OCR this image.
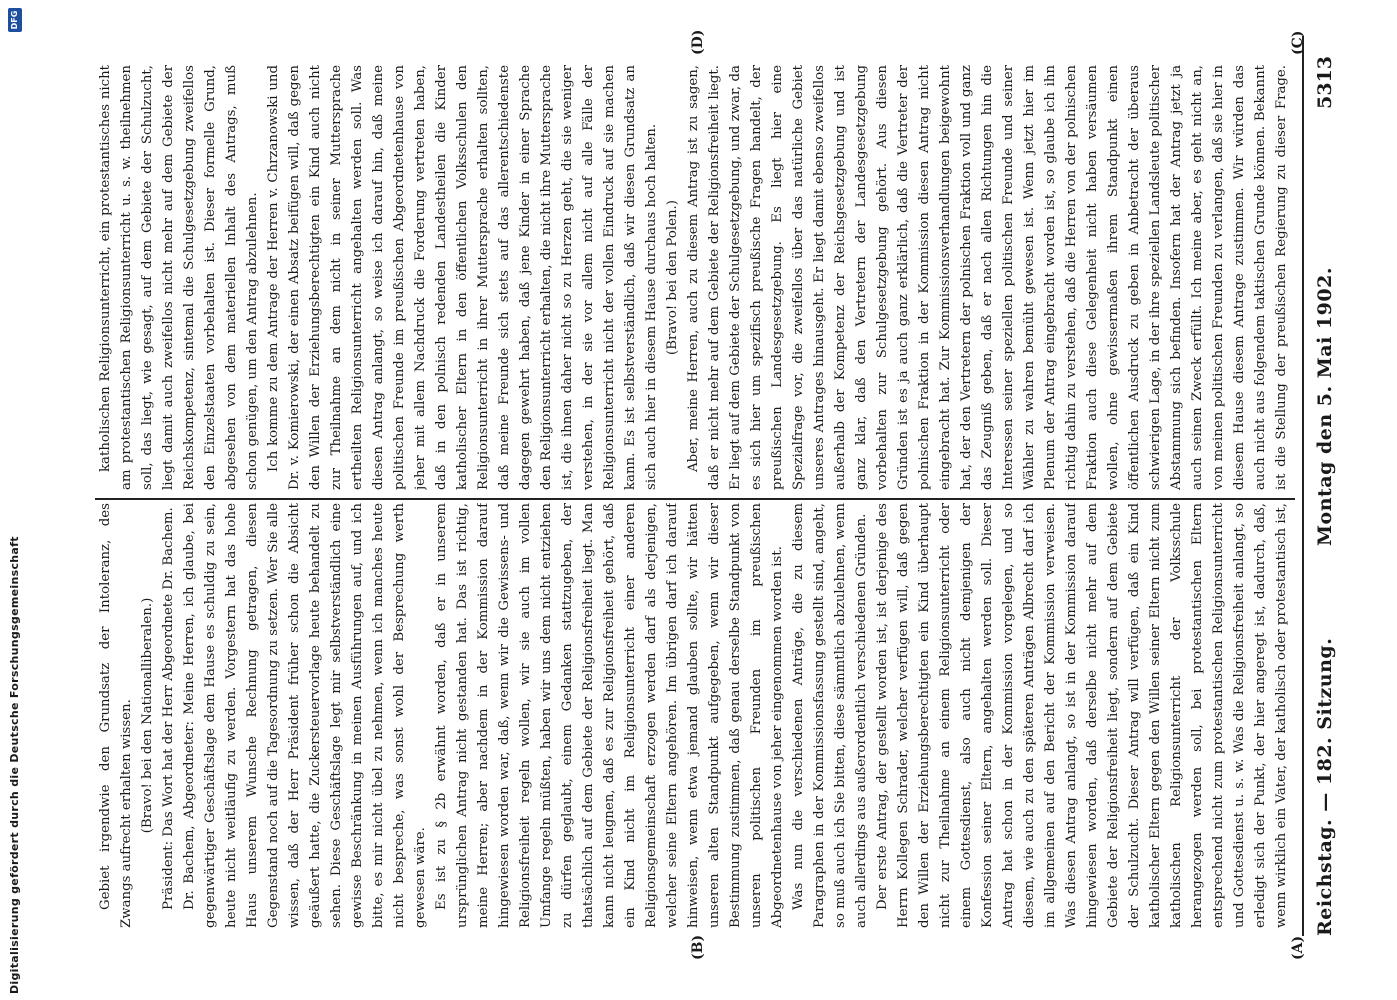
Reichstag. — 182. Sitzung.
Montag den 5. Mai 1902.
5313
(A)
(B)
(C)
(D)

Gebiet irgendwie den Grundsatz der Intoleranz, des Zwangs aufrecht erhalten wissen. (Bravo! bei den Nationalliberalen.) Präsident: Das Wort hat der Herr Abgeordnete Dr. Bachem. Dr. Bachem, Abgeordneter: Meine Herren, ich glaube, bei gegenwärtiger Geschäftslage dem Hause es schuldig zu sein, heute nicht weitläufig zu werden. Vorgestern hat das hohe Haus unserem Wunsche Rechnung getragen, diesen Gegenstand noch auf die Tagesordnung zu setzen. Wer Sie alle wissen, daß der Herr Präsident früher schon die Absicht geäußert hatte, die Zuckersteuervorlage heute behandelt zu sehen. Diese Geschäftslage legt mir selbstverständlich eine gewisse Beschränkung in meinen Ausführungen auf, und ich bitte, es mir nicht übel zu nehmen, wenn ich manches heute nicht bespreche, was sonst wohl der Besprechung werth gewesen wäre. Es ist zu § 2b erwähnt worden, daß er in unserem ursprünglichen Antrag nicht gestanden hat. Das ist richtig, meine Herren; aber nachdem in der Kommission darauf hingewiesen worden war, daß, wenn wir die Gewissens- und Religionsfreiheit regeln wollen, wir sie auch im vollen Umfange regeln müßten, haben wir uns dem nicht entziehen zu dürfen geglaubt, einem Gedanken stattzugeben, der thatsächlich auf dem Gebiete der Religionsfreiheit liegt. Man kann nicht leugnen, daß es zur Religionsfreiheit gehört, daß ein Kind nicht im Religionsunterricht einer anderen Religionsgemeinschaft erzogen werden darf als derjenigen, welcher seine Eltern angehören. Im übrigen darf ich darauf hinweisen, wenn etwa jemand glauben sollte, wir hätten unseren alten Standpunkt aufgegeben, wenn wir dieser Bestimmung zustimmen, daß genau derselbe Standpunkt von unseren politischen Freunden im preußischen Abgeordnetenhause von jeher eingenommen worden ist. Was nun die verschiedenen Anträge, die zu diesem Paragraphen in der Kommissionsfassung gestellt sind, angeht, so muß auch ich Sie bitten, diese sämmtlich abzulehnen, wenn auch allerdings aus außerordentlich verschiedenen Gründen. Der erste Antrag, der gestellt worden ist, ist derjenige des Herrn Kollegen Schrader, welcher verfügen will, daß gegen den Willen der Erziehungsberechtigten ein Kind überhaupt nicht zur Theilnahme an einem Religionsunterricht oder einem Gottesdienst, also auch nicht demjenigen der Konfession seiner Eltern, angehalten werden soll. Dieser Antrag hat schon in der Kommission vorgelegen, und so diesem, wie auch zu den späteren Anträgen Albrecht darf ich im allgemeinen auf den Bericht der Kommission verweisen. Was diesen Antrag anlangt, so ist in der Kommission darauf hingewiesen worden, daß derselbe nicht mehr auf dem Gebiete der Religionsfreiheit liegt, sondern auf dem Gebiete der Schulzucht. Dieser Antrag will verfügen, daß ein Kind katholischer Eltern gegen den Willen seiner Eltern nicht zum katholischen Religionsunterricht der Volksschule herangezogen werden soll, bei protestantischen Eltern entsprechend nicht zum protestantischen Religionsunterricht und Gottesdienst u. s. w. Was die Religionsfreiheit anlangt, so erledigt sich der Punkt, der hier angeregt ist, dadurch, daß, wenn wirklich ein Vater, der katholisch oder protestantisch ist,

katholischen Religionsunterricht, ein protestantisches nicht am protestantischen Religionsunterricht u. s. w. theilnehmen soll, das liegt, wie gesagt, auf dem Gebiete der Schulzucht, liegt damit auch zweifellos nicht mehr auf dem Gebiete der Reichskompetenz, sintemal die Schulgesetzgebung zweifellos den Einzelstaaten vorbehalten ist. Dieser formelle Grund, abgesehen von dem materiellen Inhalt des Antrags, muß schon genügen, um den Antrag abzulehnen. Ich komme zu dem Antrage der Herren v. Chrzanowski und Dr. v. Komierowski, der einen Absatz beifügen will, daß gegen den Willen der Erziehungsberechtigten ein Kind auch nicht zur Theilnahme an dem nicht in seiner Muttersprache ertheilten Religionsunterricht angehalten werden soll. Was diesen Antrag anlangt, so weise ich darauf hin, daß meine politischen Freunde im preußischen Abgeordnetenhause von jeher mit allem Nachdruck die Forderung vertreten haben, daß in den polnisch redenden Landestheilen die Kinder katholischer Eltern in den öffentlichen Volksschulen den Religionsunterricht in ihrer Muttersprache erhalten sollten, daß meine Freunde sich stets auf das allerentschiedenste dagegen gewehrt haben, daß jene Kinder in einer Sprache den Religionsunterricht erhalten, die nicht ihre Muttersprache ist, die ihnen daher nicht so zu Herzen geht, die sie weniger verstehen, in der sie vor allem nicht auf alle Fälle der Religionsunterricht nicht der vollen Eindruck auf sie machen kann. Es ist selbstverständlich, daß wir diesen Grundsatz an sich auch hier in diesem Hause durchaus hoch halten. (Bravo! bei den Polen.)

Aber, meine Herren, auch zu diesem Antrag ist zu sagen, daß er nicht mehr auf dem Gebiete der Religionsfreiheit liegt. Er liegt auf dem Gebiete der Schulgesetzgebung, und zwar, da es sich hier um spezifisch preußische Fragen handelt, der preußischen Landesgesetzgebung. Es liegt hier eine Spezialfrage vor, die zweifellos über das natürliche Gebiet unseres Antrages hinausgeht. Er liegt damit ebenso zweifellos außerhalb der Kompetenz der Reichsgesetzgebung und ist ganz klar, daß den Vertretern der Landesgesetzgebung vorbehalten zur Schulgesetzgebung gehört. Aus diesen Gründen ist es ja auch ganz erklärlich, daß die Vertreter der polnischen Fraktion in der Kommission diesen Antrag nicht eingebracht hat. Zur Kommissionsverhandlungen beigewohnt hat, der den Vertretern der polnischen Fraktion voll und ganz das Zeugniß geben, daß er nach allen Richtungen hin die Interessen seiner speziellen politischen Freunde und seiner Wähler zu wahren bemüht gewesen ist. Wenn jetzt hier im Plenum der Antrag eingebracht worden ist, so glaube ich ihn richtig dahin zu verstehen, daß die Herren von der polnischen Fraktion auch diese Gelegenheit nicht haben versäumen wollen, ohne gewissermaßen ihrem Standpunkt einen öffentlichen Ausdruck zu geben in Anbetracht der überaus schwierigen Lage, in der ihre speziellen Landsleute politischer Abstammung sich befinden. Insofern hat der Antrag jetzt ja auch seinen Zweck erfüllt. Ich meine aber, es geht nicht an, von meinen politischen Freunden zu verlangen, daß sie hier in diesem Hause diesem Antrage zustimmen. Wir würden das auch nicht aus folgendem taktischen Grunde können. Bekannt ist die Stellung der preußischen Regierung zu dieser Frage.

Digitalisierung gefördert durch die Deutsche Forschungsgemeinschaft
DFG
